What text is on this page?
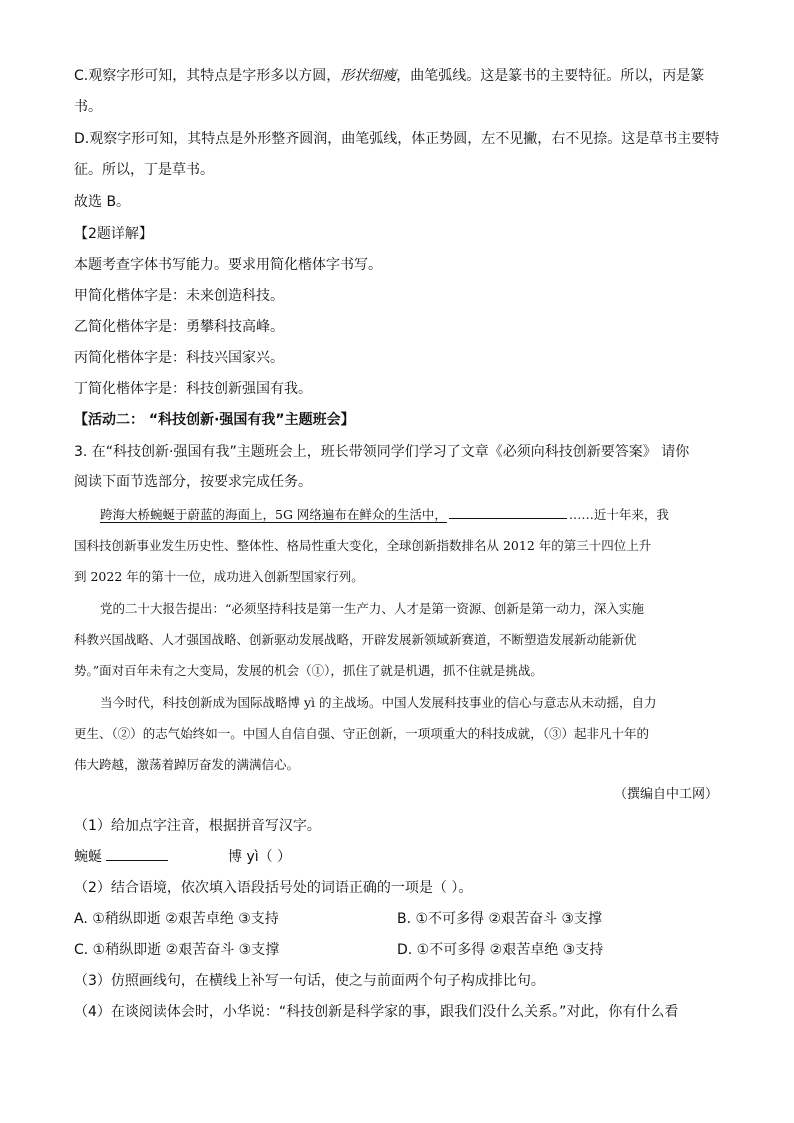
C.观察字形可知，其特点是字形多以方圆，形状细瘦，曲笔弧线。这是篆书的主要特征。所以，丙是篆
书。
D.观察字形可知，其特点是外形整齐圆润，曲笔弧线，体正势圆，左不见撇，右不见捺。这是草书主要特
征。所以，丁是草书。
故选 B。
【2题详解】
本题考查字体书写能力。要求用简化楷体字书写。
甲简化楷体字是：未来创造科技。
乙简化楷体字是：勇攀科技高峰。
丙简化楷体字是：科技兴国家兴。
丁简化楷体字是：科技创新强国有我。
【活动二： “科技创新·强国有我”主题班会】
3. 在“科技创新·强国有我”主题班会上，班长带领同学们学习了文章《必须向科技创新要答案》 请你
阅读下面节选部分，按要求完成任务。
跨海大桥蜿蜒于蔚蓝的海面上，5G 网络遍布在鲜众的生活中，	……近十年来，我
国科技创新事业发生历史性、整体性、格局性重大变化，全球创新指数排名从 2012 年的第三十四位上升
到 2022 年的第十一位，成功进入创新型国家行列。
党的二十大报告提出：“必须坚持科技是第一生产力、人才是第一资源、创新是第一动力，深入实施
科教兴国战略、人才强国战略、创新驱动发展战略，开辟发展新领域新赛道，不断塑造发展新动能新优
势。”面对百年未有之大变局，发展的机会（①），抓住了就是机遇，抓不住就是挑战。
当今时代，科技创新成为国际战略博 yì 的主战场。中国人发展科技事业的信心与意志从未动摇，自力
更生、（②）的志气始终如一。中国人自信自强、守正创新，一项项重大的科技成就，（③）起非凡十年的
伟大跨越，激荡着踔厉奋发的满满信心。
（撰编自中工网）
（1）给加点字注音，根据拼音写汉字。
蜿蜒	博 yì（ ）
（2）结合语境，依次填入语段括号处的词语正确的一项是（ ）。
A. ①稍纵即逝 ②艰苦卓绝 ③支持	B. ①不可多得 ②艰苦奋斗 ③支撑
C. ①稍纵即逝 ②艰苦奋斗 ③支撑	D. ①不可多得 ②艰苦卓绝 ③支持
（3）仿照画线句，在横线上补写一句话，使之与前面两个句子构成排比句。
（4）在谈阅读体会时，小华说：“科技创新是科学家的事，跟我们没什么关系。”对此，你有什么看
